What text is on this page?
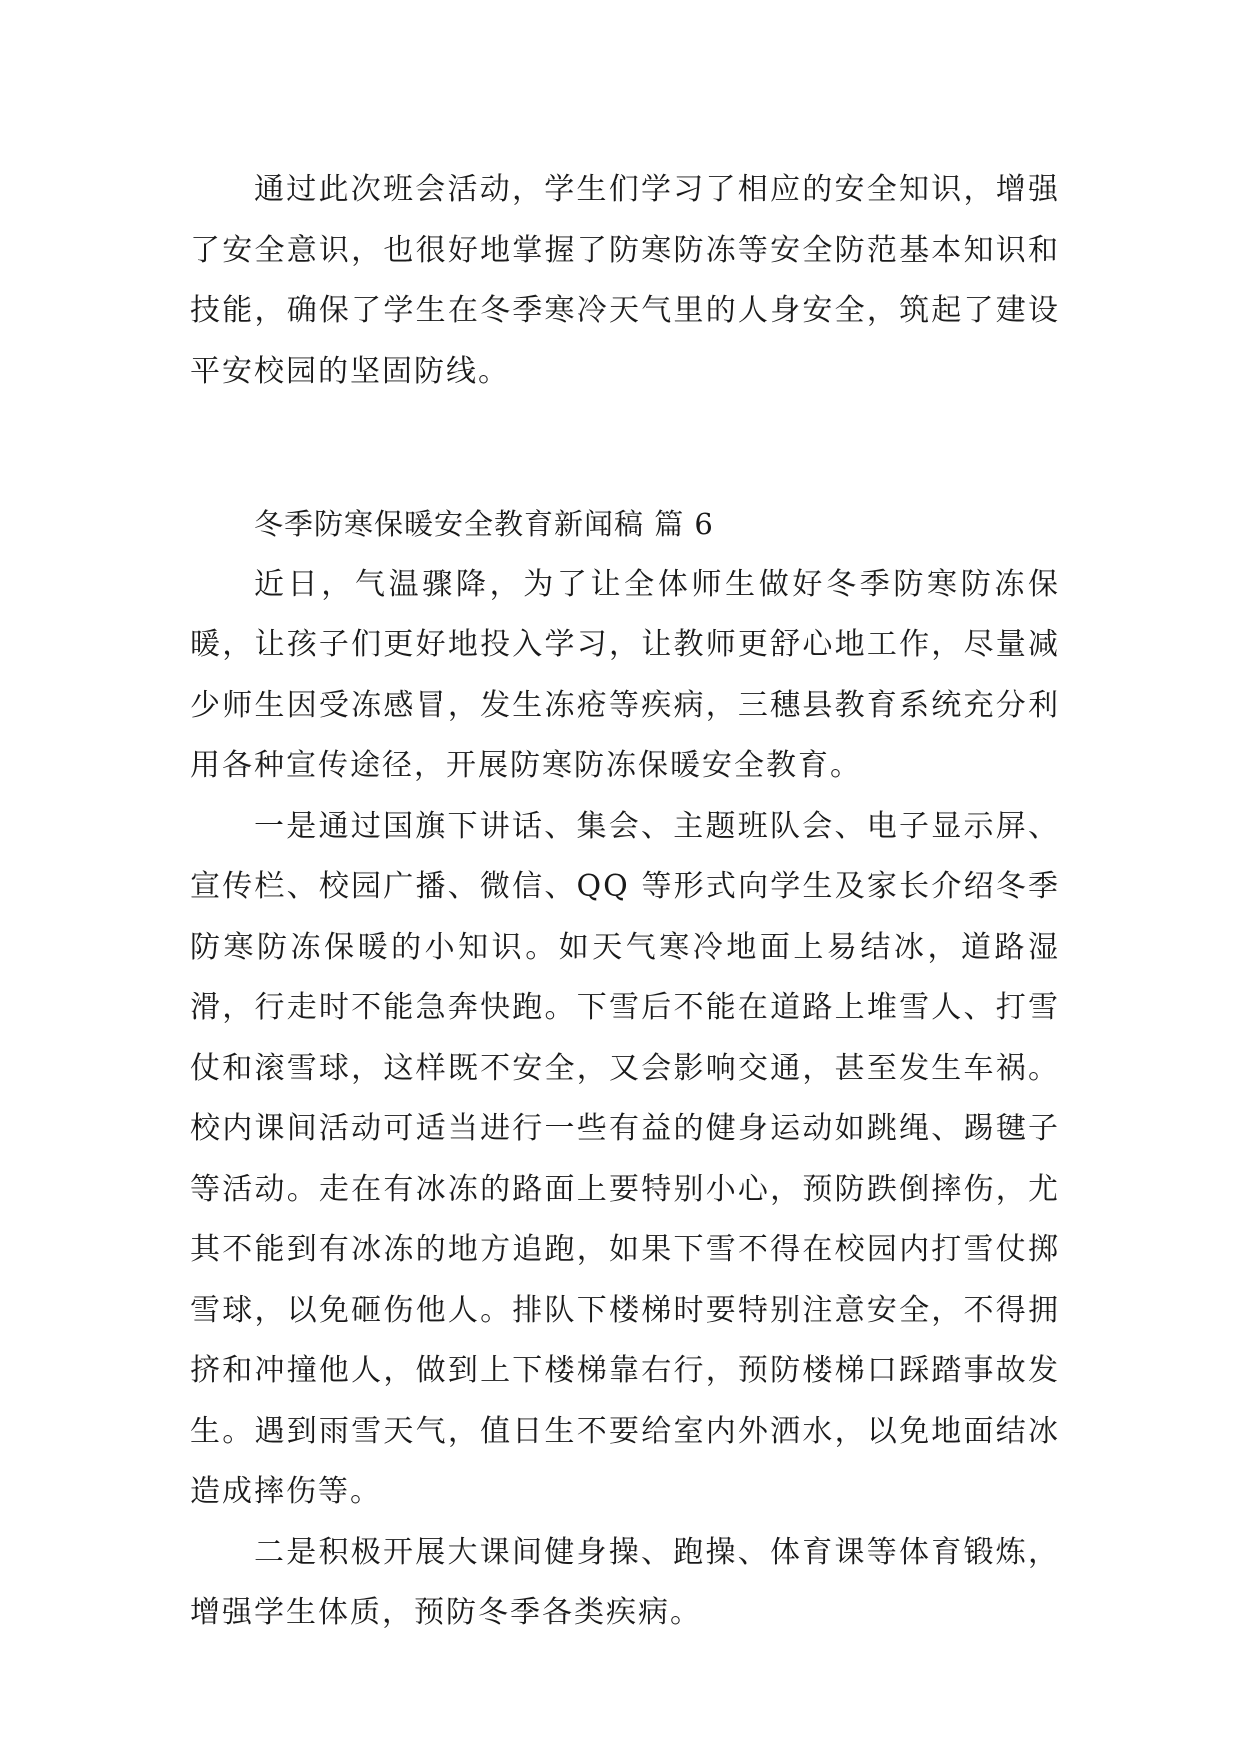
通过此次班会活动，学生们学习了相应的安全知识，增强了安全意识，也很好地掌握了防寒防冻等安全防范基本知识和技能，确保了学生在冬季寒冷天气里的人身安全，筑起了建设平安校园的坚固防线。

冬季防寒保暖安全教育新闻稿 篇 6

近日，气温骤降，为了让全体师生做好冬季防寒防冻保暖，让孩子们更好地投入学习，让教师更舒心地工作，尽量减少师生因受冻感冒，发生冻疮等疾病，三穗县教育系统充分利用各种宣传途径，开展防寒防冻保暖安全教育。

一是通过国旗下讲话、集会、主题班队会、电子显示屏、宣传栏、校园广播、微信、QQ 等形式向学生及家长介绍冬季防寒防冻保暖的小知识。如天气寒冷地面上易结冰，道路湿滑，行走时不能急奔快跑。下雪后不能在道路上堆雪人、打雪仗和滚雪球，这样既不安全，又会影响交通，甚至发生车祸。校内课间活动可适当进行一些有益的健身运动如跳绳、踢毽子等活动。走在有冰冻的路面上要特别小心，预防跌倒摔伤，尤其不能到有冰冻的地方追跑，如果下雪不得在校园内打雪仗掷雪球，以免砸伤他人。排队下楼梯时要特别注意安全，不得拥挤和冲撞他人，做到上下楼梯靠右行，预防楼梯口踩踏事故发生。遇到雨雪天气，值日生不要给室内外洒水，以免地面结冰造成摔伤等。

二是积极开展大课间健身操、跑操、体育课等体育锻炼，增强学生体质，预防冬季各类疾病。
